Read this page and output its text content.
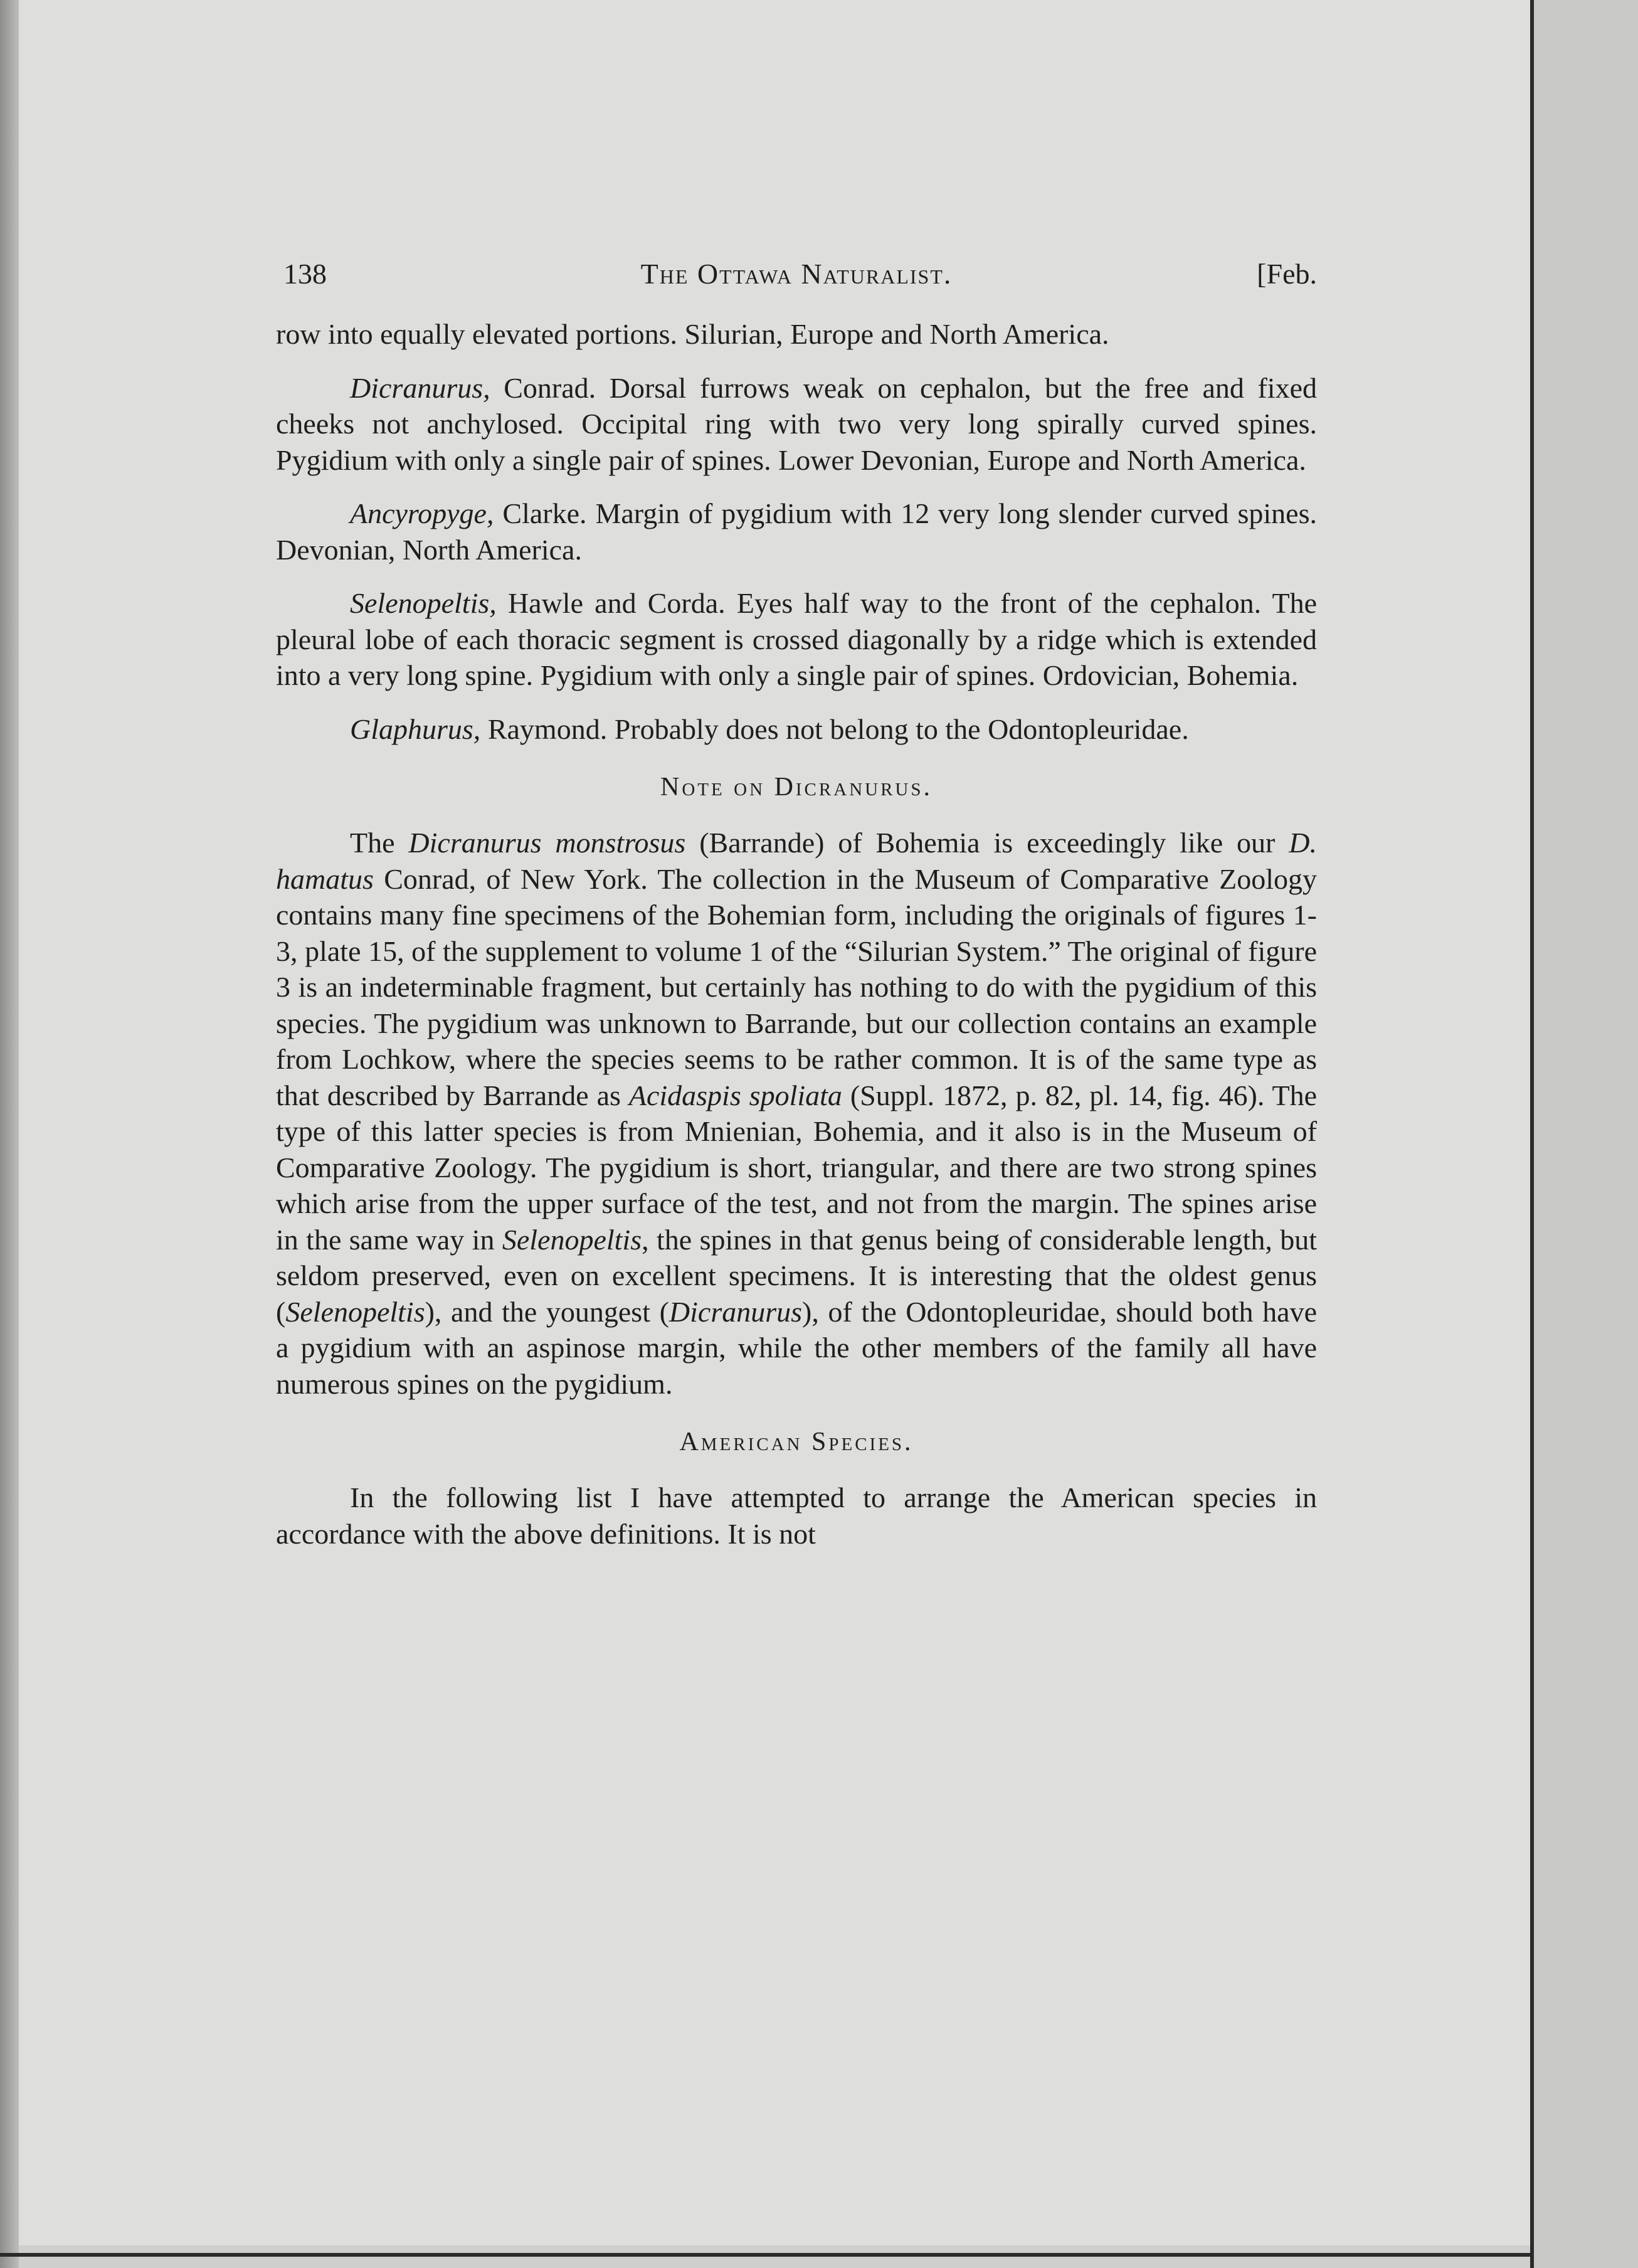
138	The Ottawa Naturalist.	[Feb.

row into equally elevated portions. Silurian, Europe and North America.

Dicranurus, Conrad. Dorsal furrows weak on cephalon, but the free and fixed cheeks not anchylosed. Occipital ring with two very long spirally curved spines. Pygidium with only a single pair of spines. Lower Devonian, Europe and North America.

Ancyropyge, Clarke. Margin of pygidium with 12 very long slender curved spines. Devonian, North America.

Selenopeltis, Hawle and Corda. Eyes half way to the front of the cephalon. The pleural lobe of each thoracic segment is crossed diagonally by a ridge which is extended into a very long spine. Pygidium with only a single pair of spines. Ordovician, Bohemia.

Glaphurus, Raymond. Probably does not belong to the Odontopleuridae.

Note on Dicranurus.

The Dicranurus monstrosus (Barrande) of Bohemia is exceedingly like our D. hamatus Conrad, of New York. The collection in the Museum of Comparative Zoology contains many fine specimens of the Bohemian form, including the originals of figures 1-3, plate 15, of the supplement to volume 1 of the “Silurian System.” The original of figure 3 is an indeterminable fragment, but certainly has nothing to do with the pygidium of this species. The pygidium was unknown to Barrande, but our collection contains an example from Lochkow, where the species seems to be rather common. It is of the same type as that described by Barrande as Acidaspis spoliata (Suppl. 1872, p. 82, pl. 14, fig. 46). The type of this latter species is from Mnienian, Bohemia, and it also is in the Museum of Comparative Zoology. The pygidium is short, triangular, and there are two strong spines which arise from the upper surface of the test, and not from the margin. The spines arise in the same way in Selenopeltis, the spines in that genus being of considerable length, but seldom preserved, even on excellent specimens. It is interesting that the oldest genus (Selenopeltis), and the youngest (Dicranurus), of the Odontopleuridae, should both have a pygidium with an aspinose margin, while the other members of the family all have numerous spines on the pygidium.

American Species.

In the following list I have attempted to arrange the American species in accordance with the above definitions. It is not
